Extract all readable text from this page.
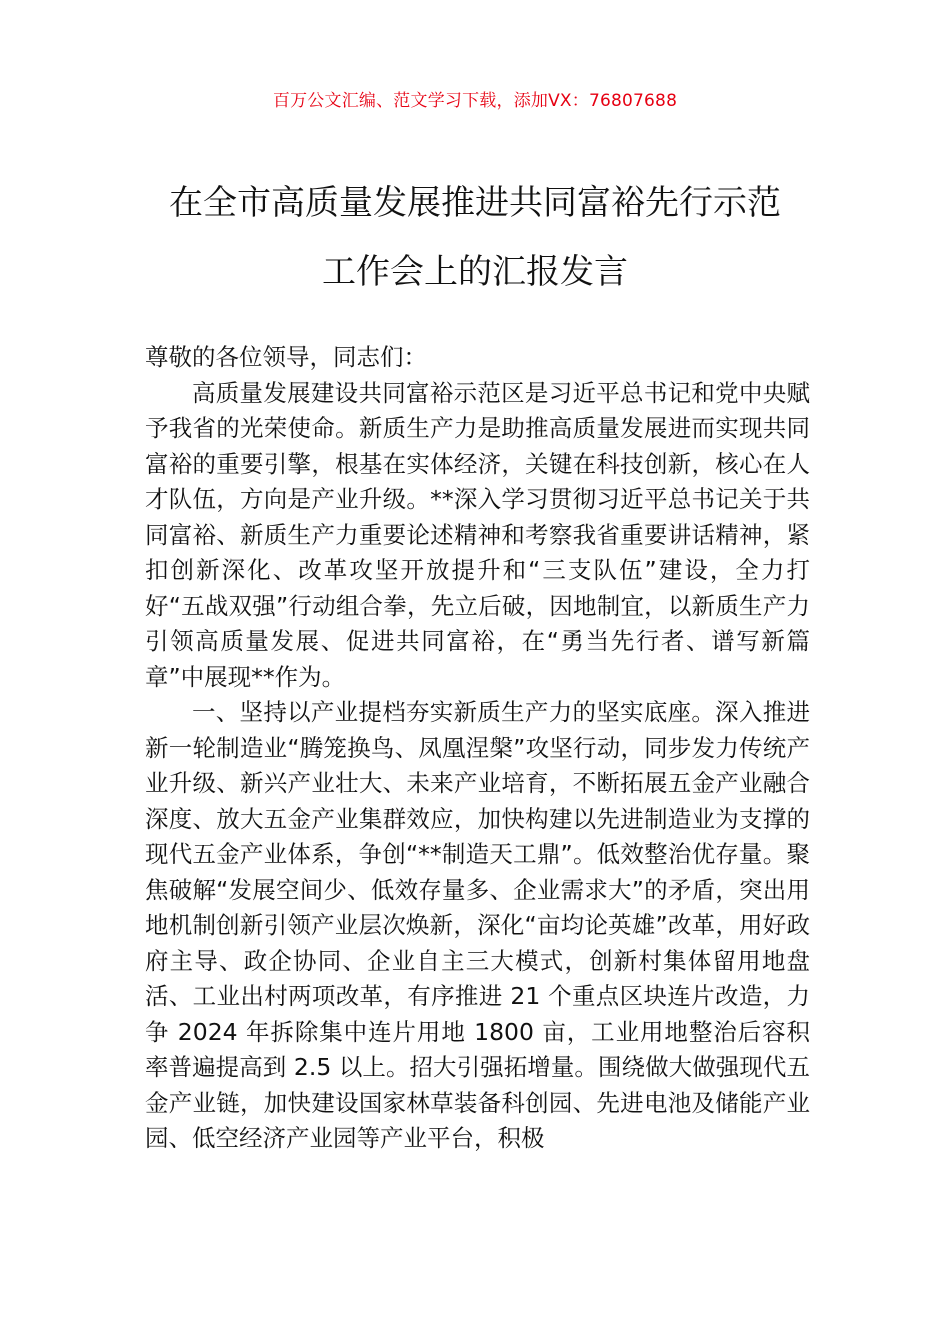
百万公文汇编、范文学习下载，添加VX：76807688
在全市高质量发展推进共同富裕先行示范
工作会上的汇报发言

尊敬的各位领导，同志们：

高质量发展建设共同富裕示范区是习近平总书记和党中央赋予我省的光荣使命。新质生产力是助推高质量发展进而实现共同富裕的重要引擎，根基在实体经济，关键在科技创新，核心在人才队伍，方向是产业升级。**深入学习贯彻习近平总书记关于共同富裕、新质生产力重要论述精神和考察我省重要讲话精神，紧扣创新深化、改革攻坚开放提升和“三支队伍”建设，全力打好“五战双强”行动组合拳，先立后破，因地制宜，以新质生产力引领高质量发展、促进共同富裕，在“勇当先行者、谱写新篇章”中展现**作为。

一、坚持以产业提档夯实新质生产力的坚实底座。深入推进新一轮制造业“腾笼换鸟、凤凰涅槃”攻坚行动，同步发力传统产业升级、新兴产业壮大、未来产业培育，不断拓展五金产业融合深度、放大五金产业集群效应，加快构建以先进制造业为支撑的现代五金产业体系，争创“**制造天工鼎”。低效整治优存量。聚焦破解“发展空间少、低效存量多、企业需求大”的矛盾，突出用地机制创新引领产业层次焕新，深化“亩均论英雄”改革，用好政府主导、政企协同、企业自主三大模式，创新村集体留用地盘活、工业出村两项改革，有序推进 21 个重点区块连片改造，力争 2024 年拆除集中连片用地 1800 亩，工业用地整治后容积率普遍提高到 2.5 以上。招大引强拓增量。围绕做大做强现代五金产业链，加快建设国家林草装备科创园、先进电池及储能产业园、低空经济产业园等产业平台，积极
